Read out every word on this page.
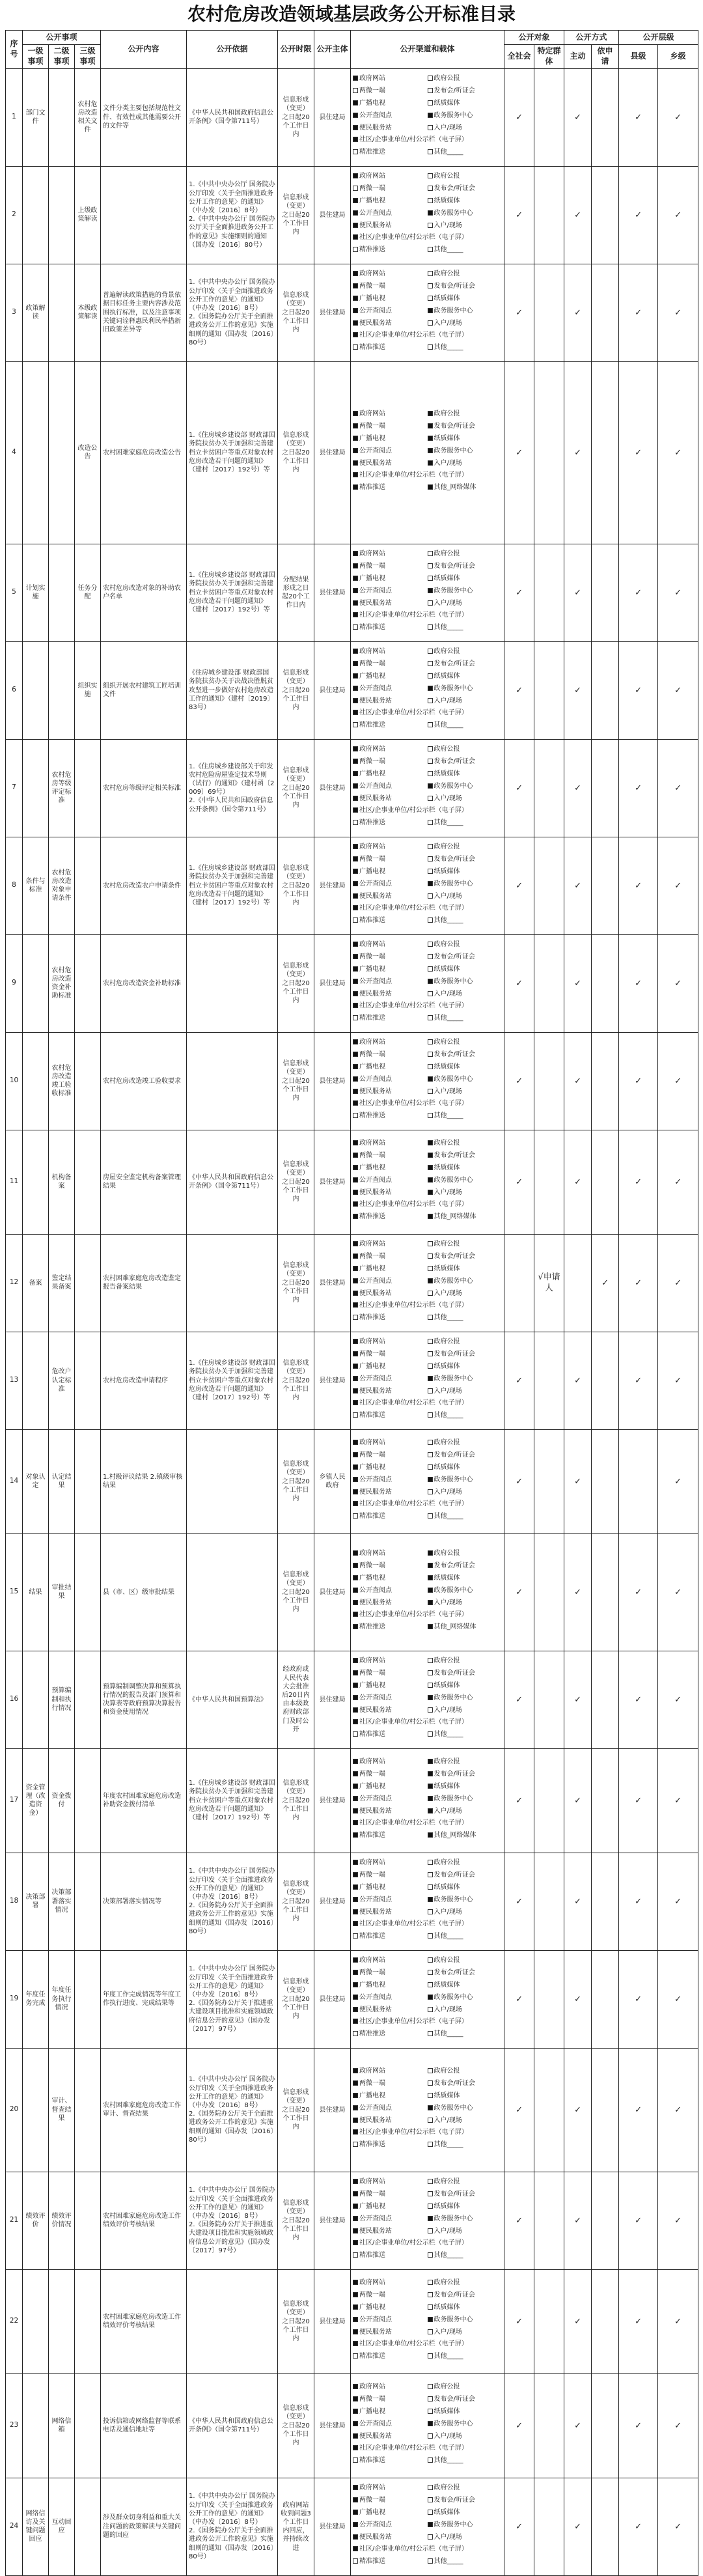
农村危房改造领域基层政务公开标准目录
序号	公开事项			公开内容	公开依据	公开时限	公开主体	公开渠道和载体	公开对象		公开方式		公开层级	
	一级事项	二级事项	三级事项						全社会	特定群体	主动	依申请	县级	乡级
1	部门文件		农村危房改造相关文件	文件分类主要包括规范性文件、有效性或其他需要公开的文件等	《中华人民共和国政府信息公开条例》（国令第711号）	信息形成（变更）之日起20个工作日内	县住建局	政府网站 政府公报两微一端 发布会/听证会广播电视 纸质媒体公开查阅点 政务服务中心便民服务站 入户/现场社区/企事业单位/村公示栏（电子屏）精准推送 其他_____	✓		✓		✓	✓
2			上级政策解读		1.《中共中央办公厅 国务院办公厅印发〈关于全面推进政务公开工作的意见〉的通知》（中办发〔2016〕8号）
2.《中共中央办公厅 国务院办公厅关于全面推进政务公开工作的意见》实施细则的通知（国办发〔2016〕80号）	信息形成（变更）之日起20个工作日内	县住建局	政府网站 政府公报两微一端 发布会/听证会广播电视 纸质媒体公开查阅点 政务服务中心便民服务站 入户/现场社区/企事业单位/村公示栏（电子屏）精准推送 其他_____	✓		✓		✓	✓
3	政策解读		本级政策解读	普遍解读政策措施的背景依据目标任务主要内容涉及范围执行标准，以及注意事项关键词诠释惠民利民举措新旧政策差异等	1.《中共中央办公厅 国务院办公厅印发〈关于全面推进政务公开工作的意见〉的通知》（中办发〔2016〕8号）
2.《国务院办公厅关于全面推进政务公开工作的意见》实施细则的通知（国办发〔2016〕80号）	信息形成（变更）之日起20个工作日内	县住建局	政府网站 政府公报两微一端 发布会/听证会广播电视 纸质媒体公开查阅点 政务服务中心便民服务站 入户/现场社区/企事业单位/村公示栏（电子屏）精准推送 其他_____	✓		✓		✓	✓
4			改造公告	农村困难家庭危房改造公告	1.《住房城乡建设部 财政部国务院扶贫办关于加强和完善建档立卡贫困户等重点对象农村危房改造若干问题的通知》（建村〔2017〕192号）等	信息形成（变更）之日起20个工作日内	县住建局	政府网站 政府公报两微一端 发布会/听证会广播电视 纸质媒体公开查阅点 政务服务中心便民服务站 入户/现场社区/企事业单位/村公示栏（电子屏）精准推送 其他_网络媒体	✓		✓		✓	✓
5	计划实施		任务分配	农村危房改造对象的补助农户名单	1.《住房城乡建设部 财政部国务院扶贫办关于加强和完善建档立卡贫困户等重点对象农村危房改造若干问题的通知》（建村〔2017〕192号）等	分配结果形成之日起20个工作日内	县住建局	政府网站 政府公报两微一端 发布会/听证会广播电视 纸质媒体公开查阅点 政务服务中心便民服务站 入户/现场社区/企事业单位/村公示栏（电子屏）精准推送 其他_____	✓		✓		✓	✓
6			组织实施	组织开展农村建筑工匠培训文件	《住房城乡建设部 财政部国务院扶贫办关于决战决胜脱贫攻坚进一步做好农村危房改造工作的通知》（建村〔2019〕83号）	信息形成（变更）之日起20个工作日内	县住建局	政府网站 政府公报两微一端 发布会/听证会广播电视 纸质媒体公开查阅点 政务服务中心便民服务站 入户/现场社区/企事业单位/村公示栏（电子屏）精准推送 其他_____	✓		✓		✓	✓
7		农村危房等级评定标准		农村危房等级评定相关标准	1.《住房城乡建设部关于印发农村危险房屋鉴定技术导则（试行）的通知》（建村函〔2009〕69号）
2.《中华人民共和国政府信息公开条例》（国令第711号）	信息形成（变更）之日起20个工作日内	县住建局	政府网站 政府公报两微一端 发布会/听证会广播电视 纸质媒体公开查阅点 政务服务中心便民服务站 入户/现场社区/企事业单位/村公示栏（电子屏）精准推送 其他_____	✓		✓		✓	✓
8	条件与标准	农村危房改造对象申请条件		农村危房改造农户申请条件	1.《住房城乡建设部 财政部国务院扶贫办关于加强和完善建档立卡贫困户等重点对象农村危房改造若干问题的通知》（建村〔2017〕192号）等	信息形成（变更）之日起20个工作日内	县住建局	政府网站 政府公报两微一端 发布会/听证会广播电视 纸质媒体公开查阅点 政务服务中心便民服务站 入户/现场社区/企事业单位/村公示栏（电子屏）精准推送 其他_____	✓		✓		✓	✓
9		农村危房改造资金补助标准		农村危房改造资金补助标准		信息形成（变更）之日起20个工作日内	县住建局	政府网站 政府公报两微一端 发布会/听证会广播电视 纸质媒体公开查阅点 政务服务中心便民服务站 入户/现场社区/企事业单位/村公示栏（电子屏）精准推送 其他_____	✓		✓		✓	✓
10		农村危房改造竣工验收标准		农村危房改造竣工验收要求		信息形成（变更）之日起20个工作日内	县住建局	政府网站 政府公报两微一端 发布会/听证会广播电视 纸质媒体公开查阅点 政务服务中心便民服务站 入户/现场社区/企事业单位/村公示栏（电子屏）精准推送 其他_____	✓		✓		✓	✓
11		机构备案		房屋安全鉴定机构备案管理结果	《中华人民共和国政府信息公开条例》（国令第711号）	信息形成（变更）之日起20个工作日内	县住建局	政府网站 政府公报两微一端 发布会/听证会广播电视 纸质媒体公开查阅点 政务服务中心便民服务站 入户/现场社区/企事业单位/村公示栏（电子屏）精准推送 其他_网络媒体	✓		✓		✓	✓
12	备案	鉴定结果备案		农村困难家庭危房改造鉴定报告备案结果		信息形成（变更）之日起20个工作日内	县住建局	政府网站 政府公报两微一端 发布会/听证会广播电视 纸质媒体公开查阅点 政务服务中心便民服务站 入户/现场社区/企事业单位/村公示栏（电子屏）精准推送 其他_____		√申请人		✓	✓	✓
13		危改户认定标准		农村危房改造申请程序	1.《住房城乡建设部 财政部国务院扶贫办关于加强和完善建档立卡贫困户等重点对象农村危房改造若干问题的通知》（建村〔2017〕192号）等	信息形成（变更）之日起20个工作日内	县住建局	政府网站 政府公报两微一端 发布会/听证会广播电视 纸质媒体公开查阅点 政务服务中心便民服务站 入户/现场社区/企事业单位/村公示栏（电子屏）精准推送 其他_____	✓		✓		✓	✓
14	对象认定	认定结果		1.村级评议结果 2.镇级审核结果		信息形成（变更）之日起20个工作日内	乡镇人民政府	政府网站 政府公报两微一端 发布会/听证会广播电视 纸质媒体公开查阅点 政务服务中心便民服务站 入户/现场社区/企事业单位/村公示栏（电子屏）精准推送 其他_____	✓		✓			✓
15	结果	审批结果		县（市、区）级审批结果		信息形成（变更）之日起20个工作日内	县住建局	政府网站 政府公报两微一端 发布会/听证会广播电视 纸质媒体公开查阅点 政务服务中心便民服务站 入户/现场社区/企事业单位/村公示栏（电子屏）精准推送 其他_网络媒体	✓		✓		✓	✓
16		预算编制和执行情况		预算编制调整决算和预算执行情况的报告及部门预算和决算表等政府预算决算报告和资金使用情况	《中华人民共和国预算法》	经政府或人民代表大会批准后20日内由本级政府财政部门及时公开	县住建局	政府网站 政府公报两微一端 发布会/听证会广播电视 纸质媒体公开查阅点 政务服务中心便民服务站 入户/现场社区/企事业单位/村公示栏（电子屏）精准推送 其他_____	✓		✓		✓	✓
17	资金管理（改造资金）	资金拨付		年度农村困难家庭危房改造补助资金拨付清单	1.《住房城乡建设部 财政部国务院扶贫办关于加强和完善建档立卡贫困户等重点对象农村危房改造若干问题的通知》（建村〔2017〕192号）等	信息形成（变更）之日起20个工作日内	县住建局	政府网站 政府公报两微一端 发布会/听证会广播电视 纸质媒体公开查阅点 政务服务中心便民服务站 入户/现场社区/企事业单位/村公示栏（电子屏）精准推送 其他_网络媒体	✓		✓		✓	✓
18	决策部署	决策部署落实情况		决策部署落实情况等	1.《中共中央办公厅 国务院办公厅印发〈关于全面推进政务公开工作的意见〉的通知》（中办发〔2016〕8号）
2.《国务院办公厅关于全面推进政务公开工作的意见》实施细则的通知（国办发〔2016〕80号）	信息形成（变更）之日起20个工作日内	县住建局	政府网站 政府公报两微一端 发布会/听证会广播电视 纸质媒体公开查阅点 政务服务中心便民服务站 入户/现场社区/企事业单位/村公示栏（电子屏）精准推送 其他_____	✓		✓		✓	✓
19	年度任务完成	年度任务执行情况		年度工作完成情况等年度工作执行进度、完成结果等	1.《中共中央办公厅 国务院办公厅印发〈关于全面推进政务公开工作的意见〉的通知》（中办发〔2016〕8号）
2.《国务院办公厅关于推进重大建设项目批准和实施领域政府信息公开的意见》（国办发〔2017〕97号）	信息形成（变更）之日起20个工作日内	县住建局	政府网站 政府公报两微一端 发布会/听证会广播电视 纸质媒体公开查阅点 政务服务中心便民服务站 入户/现场社区/企事业单位/村公示栏（电子屏）精准推送 其他_____	✓		✓		✓	✓
20		审计、督查结果		农村困难家庭危房改造工作审计、督查结果	1.《中共中央办公厅 国务院办公厅印发〈关于全面推进政务公开工作的意见〉的通知》（中办发〔2016〕8号）
2.《国务院办公厅关于全面推进政务公开工作的意见》实施细则的通知（国办发〔2016〕80号）	信息形成（变更）之日起20个工作日内	县住建局	政府网站 政府公报两微一端 发布会/听证会广播电视 纸质媒体公开查阅点 政务服务中心便民服务站 入户/现场社区/企事业单位/村公示栏（电子屏）精准推送 其他_____	✓		✓		✓	✓
21	绩效评价	绩效评价情况		农村困难家庭危房改造工作绩效评价考核结果	1.《中共中央办公厅 国务院办公厅印发〈关于全面推进政务公开工作的意见〉的通知》（中办发〔2016〕8号）
2.《国务院办公厅关于推进重大建设项目批准和实施领域政府信息公开的意见》（国办发〔2017〕97号）	信息形成（变更）之日起20个工作日内	县住建局	政府网站 政府公报两微一端 发布会/听证会广播电视 纸质媒体公开查阅点 政务服务中心便民服务站 入户/现场社区/企事业单位/村公示栏（电子屏）精准推送 其他_____	✓		✓		✓	✓
22				农村困难家庭危房改造工作绩效评价考核结果		信息形成（变更）之日起20个工作日内	县住建局	政府网站 政府公报两微一端 发布会/听证会广播电视 纸质媒体公开查阅点 政务服务中心便民服务站 入户/现场社区/企事业单位/村公示栏（电子屏）精准推送 其他_____	✓		✓		✓	✓
23		网络信箱		投诉信箱或网络监督等联系电话及通信地址等	《中华人民共和国政府信息公开条例》（国令第711号）	信息形成（变更）之日起20个工作日内	县住建局	政府网站 政府公报两微一端 发布会/听证会广播电视 纸质媒体公开查阅点 政务服务中心便民服务站 入户/现场社区/企事业单位/村公示栏（电子屏）精准推送 其他_____	✓		✓		✓	✓
24	网络信访及关键问题回应	互动回应		涉及群众切身利益和重大关注问题的政策解读与关键问题的回应	1.《中共中央办公厅 国务院办公厅印发〈关于全面推进政务公开工作的意见〉的通知》（中办发〔2016〕8号）
2.《国务院办公厅关于全面推进政务公开工作的意见》实施细则的通知（国办发〔2016〕80号）	政府网站收到问题3个工作日内回应，并持续改进	县住建局	政府网站 政府公报两微一端 发布会/听证会广播电视 纸质媒体公开查阅点 政务服务中心便民服务站 入户/现场社区/企事业单位/村公示栏（电子屏）精准推送 其他_____	✓		✓		✓	✓
